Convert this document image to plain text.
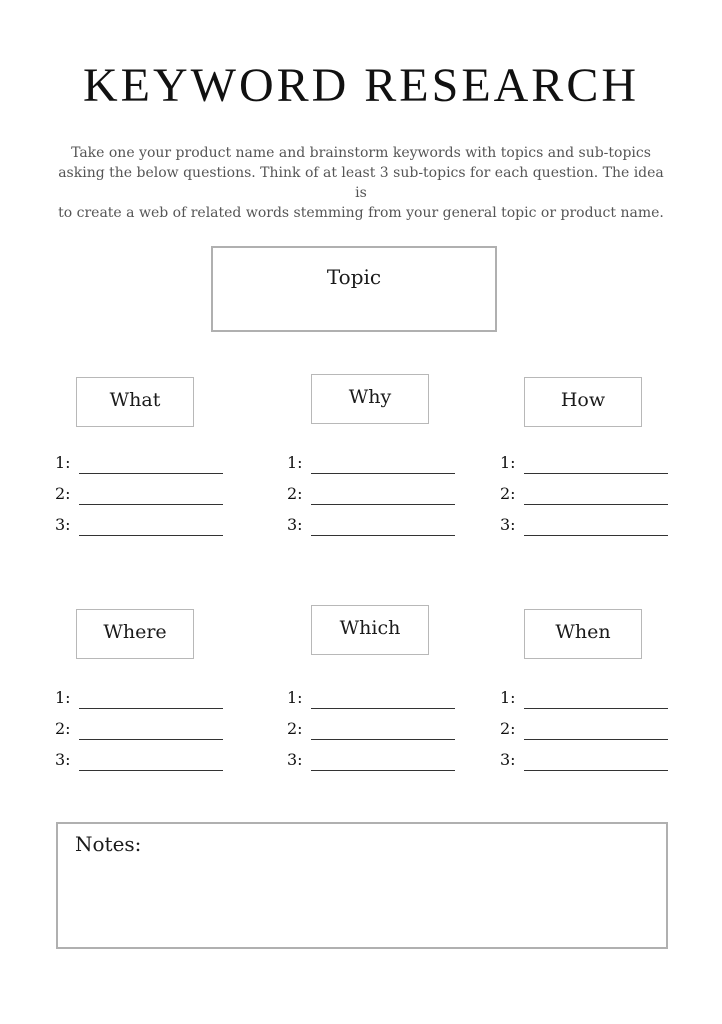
KEYWORD RESEARCH
Take one your product name and brainstorm keywords with topics and sub-topics
asking the below questions. Think of at least 3 sub-topics for each question. The idea is
to create a web of related words stemming from your general topic or product name.
Topic
What	Why	How
1:
2:
3:
1:
2:
3:
1:
2:
3:
Where	Which	When
1:
2:
3:
1:
2:
3:
1:
2:
3:
Notes:
